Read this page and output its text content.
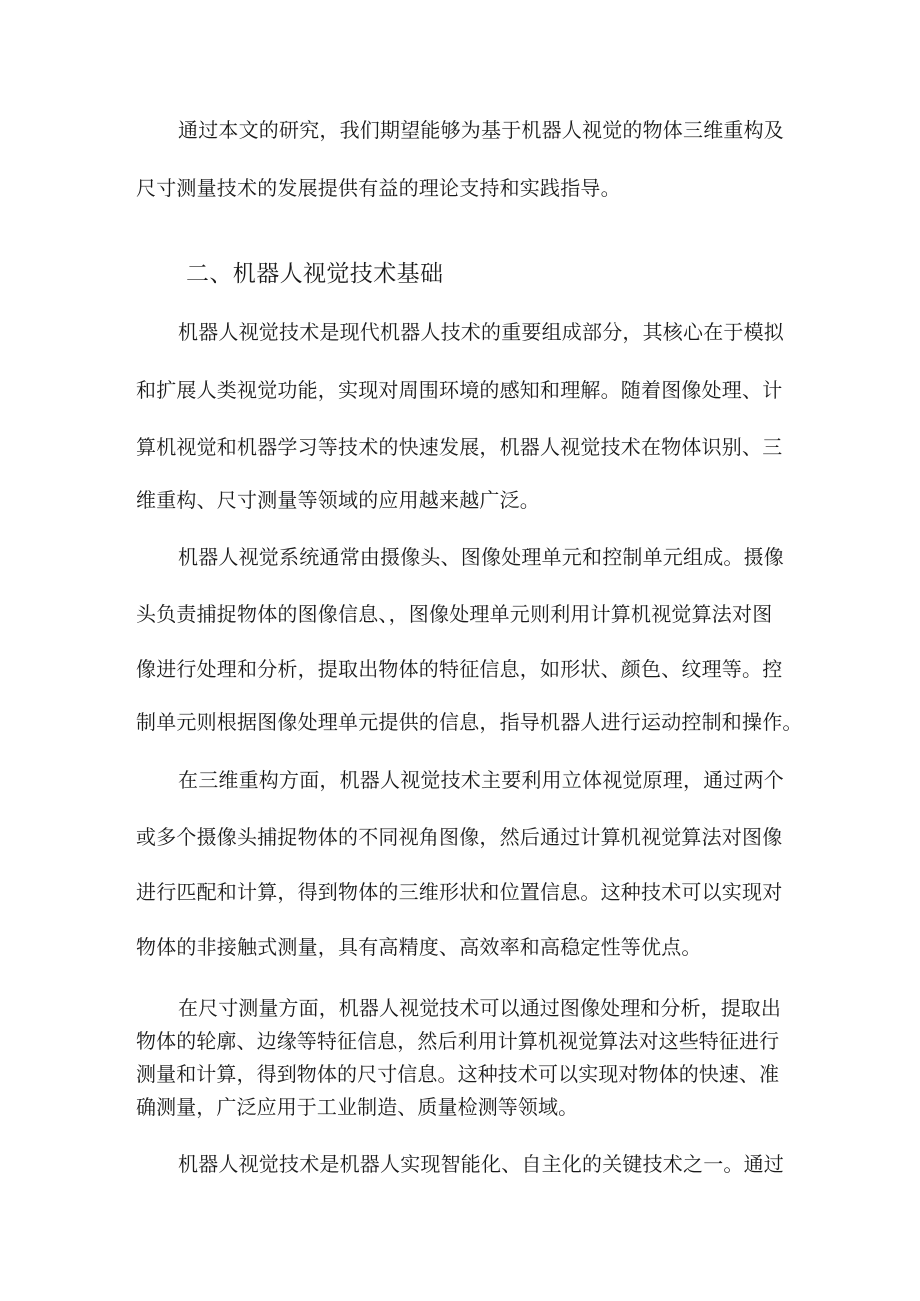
通过本文的研究，我们期望能够为基于机器人视觉的物体三维重构及
尺寸测量技术的发展提供有益的理论支持和实践指导。
二、机器人视觉技术基础
机器人视觉技术是现代机器人技术的重要组成部分，其核心在于模拟
和扩展人类视觉功能，实现对周围环境的感知和理解。随着图像处理、计
算机视觉和机器学习等技术的快速发展，机器人视觉技术在物体识别、三
维重构、尺寸测量等领域的应用越来越广泛。
机器人视觉系统通常由摄像头、图像处理单元和控制单元组成。摄像
头负责捕捉物体的图像信息、，图像处理单元则利用计算机视觉算法对图
像进行处理和分析，提取出物体的特征信息，如形状、颜色、纹理等。控
制单元则根据图像处理单元提供的信息，指导机器人进行运动控制和操作。
在三维重构方面，机器人视觉技术主要利用立体视觉原理，通过两个
或多个摄像头捕捉物体的不同视角图像，然后通过计算机视觉算法对图像
进行匹配和计算，得到物体的三维形状和位置信息。这种技术可以实现对
物体的非接触式测量，具有高精度、高效率和高稳定性等优点。
在尺寸测量方面，机器人视觉技术可以通过图像处理和分析，提取出
物体的轮廓、边缘等特征信息，然后利用计算机视觉算法对这些特征进行
测量和计算，得到物体的尺寸信息。这种技术可以实现对物体的快速、准
确测量，广泛应用于工业制造、质量检测等领域。
机器人视觉技术是机器人实现智能化、自主化的关键技术之一。通过
